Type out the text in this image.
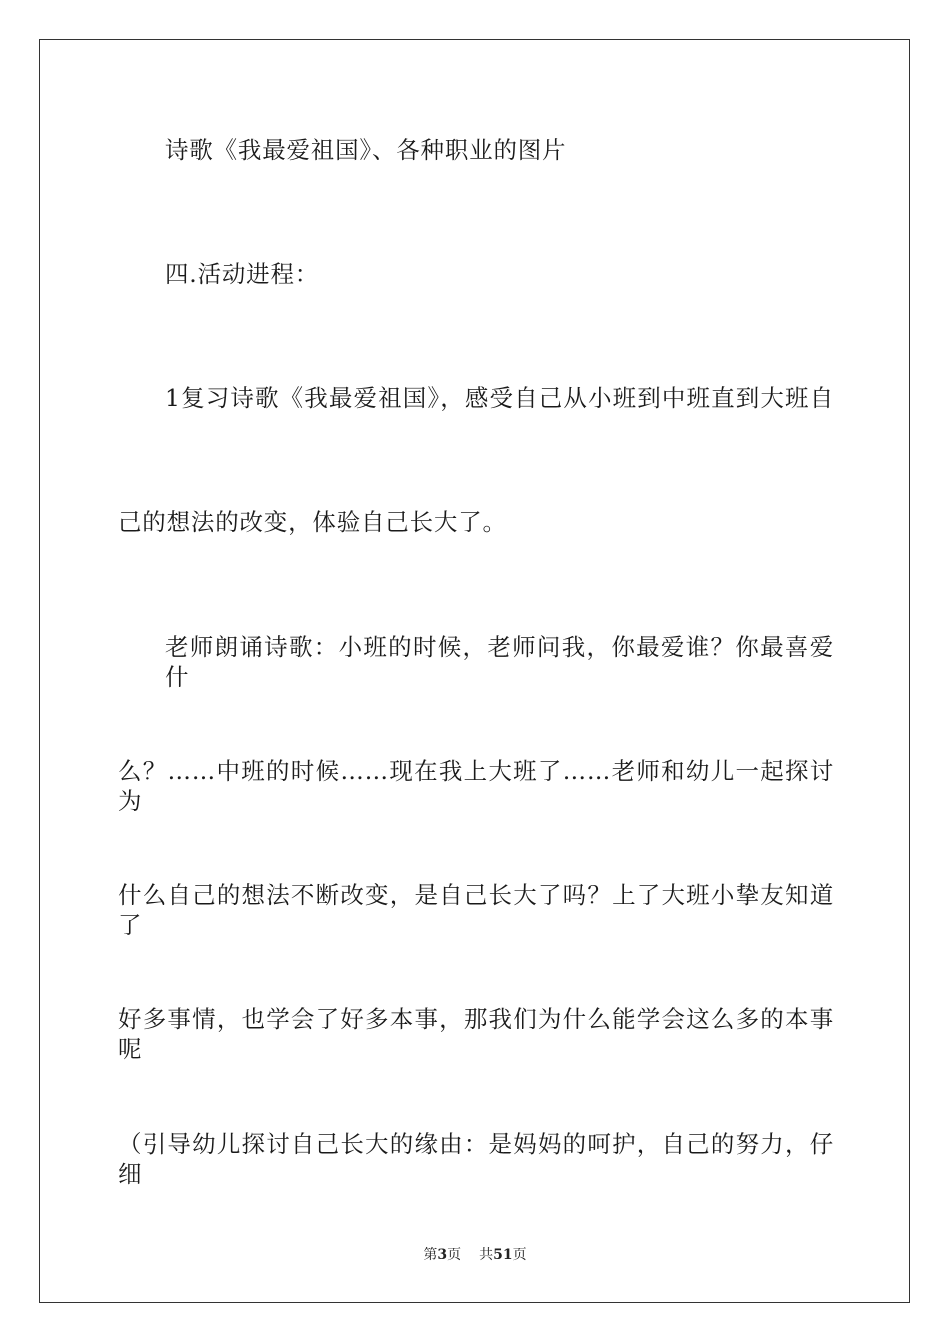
诗歌《我最爱祖国》、各种职业的图片
四.活动进程：
1复习诗歌《我最爱祖国》，感受自己从小班到中班直到大班自
己的想法的改变，体验自己长大了。
老师朗诵诗歌：小班的时候，老师问我，你最爱谁？你最喜爱什
么？……中班的时候……现在我上大班了……老师和幼儿一起探讨为
什么自己的想法不断改变，是自己长大了吗？上了大班小挚友知道了
好多事情，也学会了好多本事，那我们为什么能学会这么多的本事呢
（引导幼儿探讨自己长大的缘由：是妈妈的呵护，自己的努力，仔细
第3页 共51页
